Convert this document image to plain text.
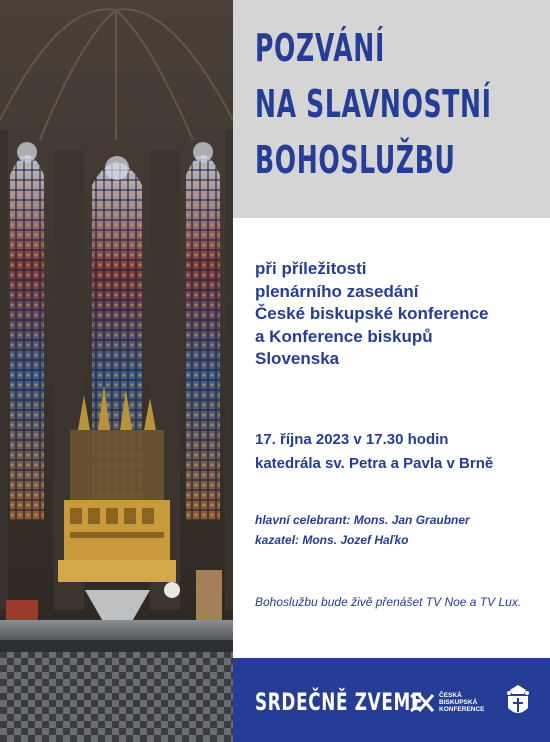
POZVÁNÍ
NA SLAVNOSTNÍ
BOHOSLUŽBU
při příležitosti
plenárního zasedání
České biskupské konference
a Konference biskupů
Slovenska
17. října 2023 v 17.30 hodin
katedrála sv. Petra a Pavla v Brně
hlavní celebrant: Mons. Jan Graubner
kazatel: Mons. Jozef Haľko
Bohoslužbu bude živě přenášet TV Noe a TV Lux.
SRDEČNĚ ZVEME ČESKÁ
BISKUPSKÁ
KONFERENCE
